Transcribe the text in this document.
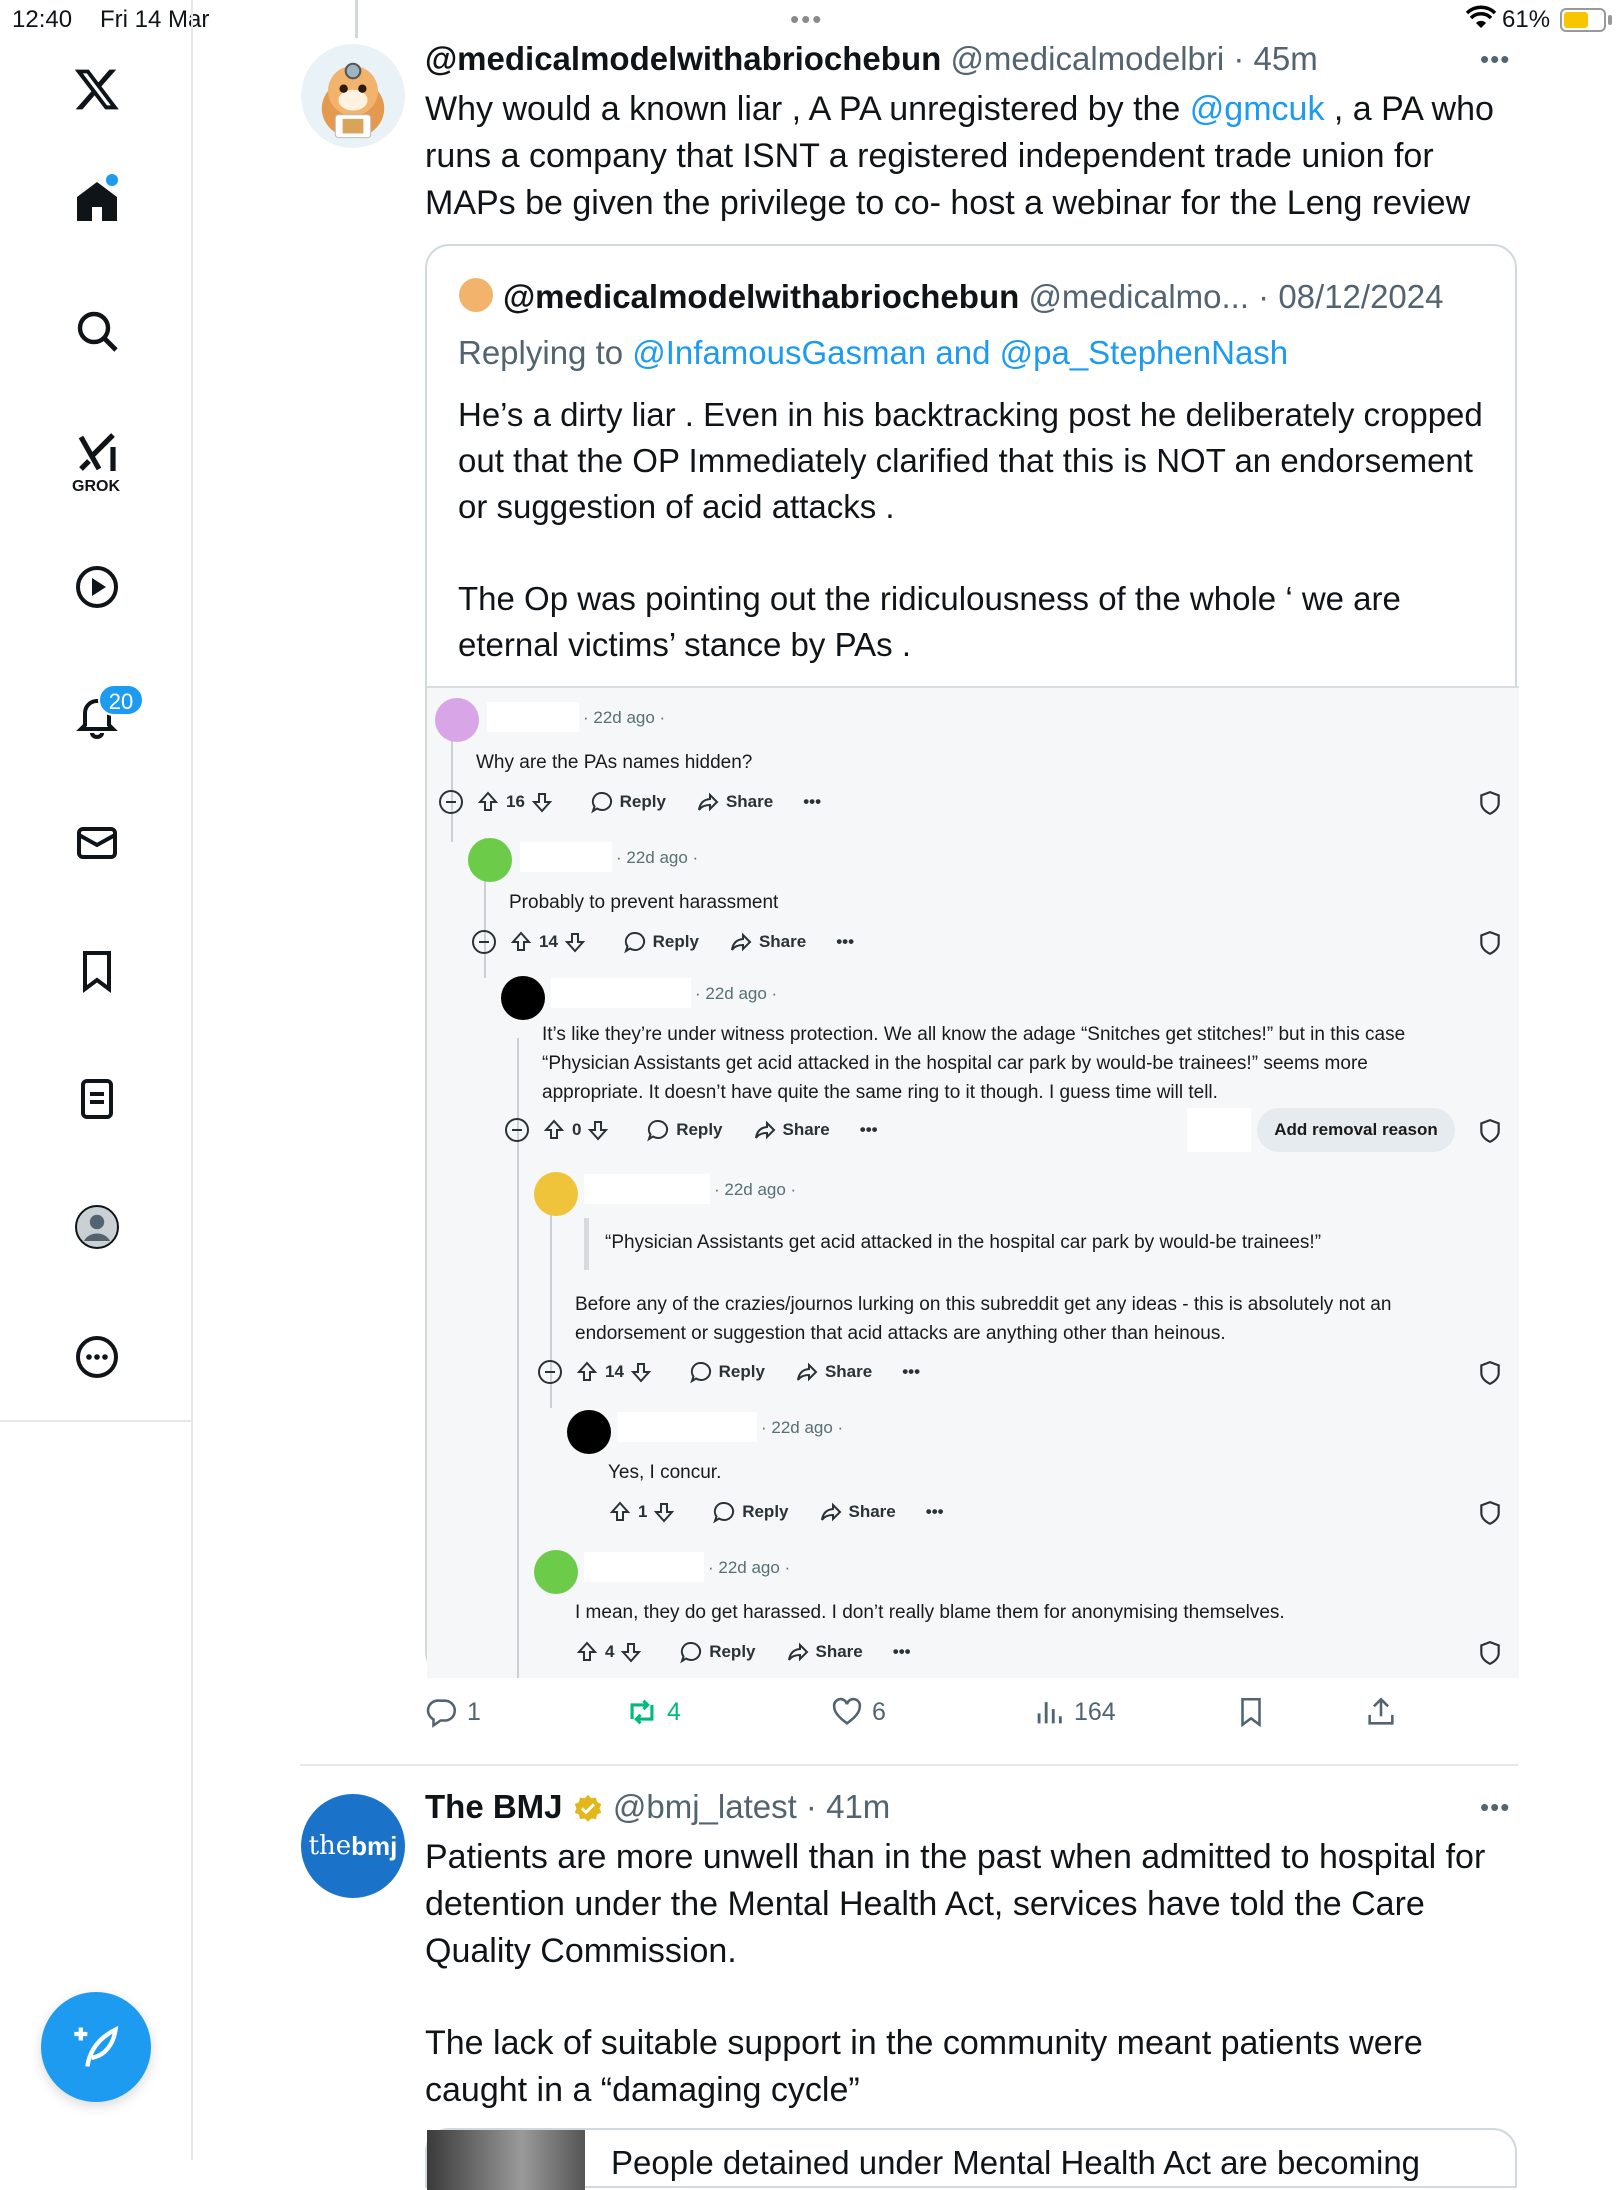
12:40 Fri 14 Mar	•••	61%
GROK
20
@medicalmodelwithabriochebun @medicalmodelbri · 45m	•••
Why would a known liar , A PA unregistered by the @gmcuk , a PA who runs a company that ISNT a registered independent trade union for MAPs be given the privilege to co- host a webinar for the Leng review
@medicalmodelwithabriochebun @medicalmo... · 08/12/2024
Replying to @InfamousGasman and @pa_StephenNash
He’s a dirty liar . Even in his backtracking post he deliberately cropped out that the OP Immediately clarified that this is NOT an endorsement or suggestion of acid attacks .

The Op was pointing out the ridiculousness of the whole ‘ we are eternal victims’ stance by PAs .
· 22d ago ·
Why are the PAs names hidden?
16
	Reply	Share •••
· 22d ago ·
Probably to prevent harassment
14
	Reply	Share •••
· 22d ago ·
It’s like they’re under witness protection. We all know the adage “Snitches get stitches!” but in this case “Physician Assistants get acid attacked in the hospital car park by would-be trainees!” seems more appropriate. It doesn’t have quite the same ring to it though. I guess time will tell.
0
	Reply	Share •••	Add removal reason
· 22d ago ·
“Physician Assistants get acid attacked in the hospital car park by would-be trainees!”
Before any of the crazies/journos lurking on this subreddit get any ideas - this is absolutely not an endorsement or suggestion that acid attacks are anything other than heinous.
14
	Reply	Share •••
· 22d ago ·
Yes, I concur.
1
	Reply	Share •••
· 22d ago ·
I mean, they do get harassed. I don’t really blame them for anonymising themselves.
4
	Reply	Share •••
1	4	6	164
the bmj
The BMJ @bmj_latest · 41m	•••
Patients are more unwell than in the past when admitted to hospital for detention under the Mental Health Act, services have told the Care Quality Commission.
The lack of suitable support in the community meant patients were caught in a “damaging cycle”
People detained under Mental Health Act are becoming
